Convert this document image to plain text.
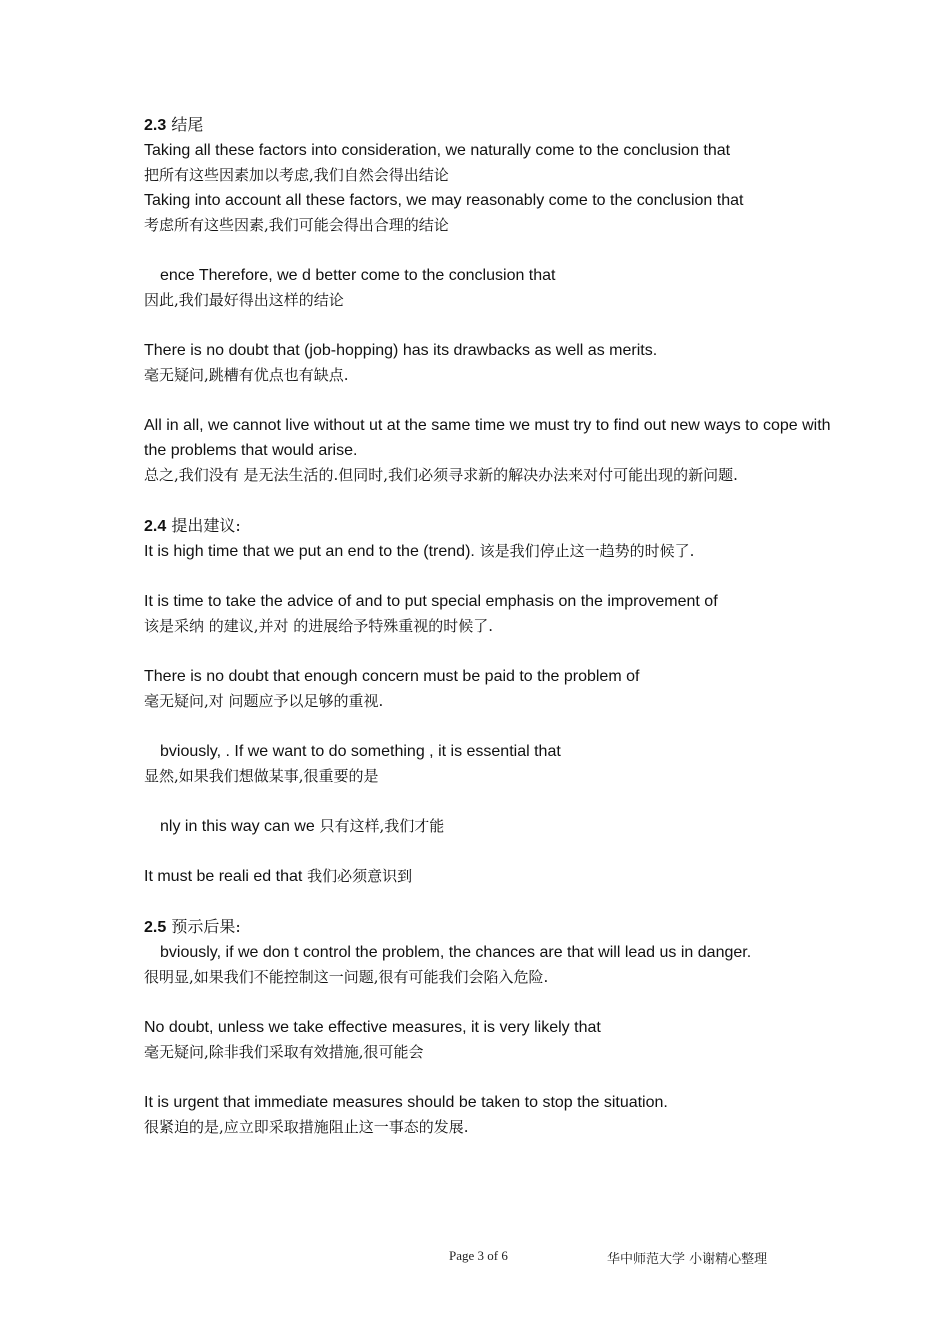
2.3 结尾
Taking all these factors into consideration, we naturally come to the conclusion that
把所有这些因素加以考虑,我们自然会得出结论
Taking into account all these factors, we may reasonably come to the conclusion that
考虑所有这些因素,我们可能会得出合理的结论
ence Therefore, we d better come to the conclusion that
因此,我们最好得出这样的结论
There is no doubt that (job-hopping) has its drawbacks as well as merits.
毫无疑问,跳槽有优点也有缺点.
All in all, we cannot live without ut at the same time we must try to find out new ways to cope with the problems that would arise.
总之,我们没有 是无法生活的.但同时,我们必须寻求新的解决办法来对付可能出现的新问题.
2.4 提出建议:
It is high time that we put an end to the (trend). 该是我们停止这一趋势的时候了.
It is time to take the advice of and to put special emphasis on the improvement of
该是采纳 的建议,并对 的进展给予特殊重视的时候了.
There is no doubt that enough concern must be paid to the problem of
毫无疑问,对 问题应予以足够的重视.
bviously, . If we want to do something , it is essential that
显然,如果我们想做某事,很重要的是
nly in this way can we 只有这样,我们才能
It must be reali ed that 我们必须意识到
2.5 预示后果:
bviously, if we don t control the problem, the chances are that will lead us in danger.
很明显,如果我们不能控制这一问题,很有可能我们会陷入危险.
No doubt, unless we take effective measures, it is very likely that
毫无疑问,除非我们采取有效措施,很可能会
It is urgent that immediate measures should be taken to stop the situation.
很紧迫的是,应立即采取措施阻止这一事态的发展.
Page 3 of 6	华中师范大学 小谢精心整理
